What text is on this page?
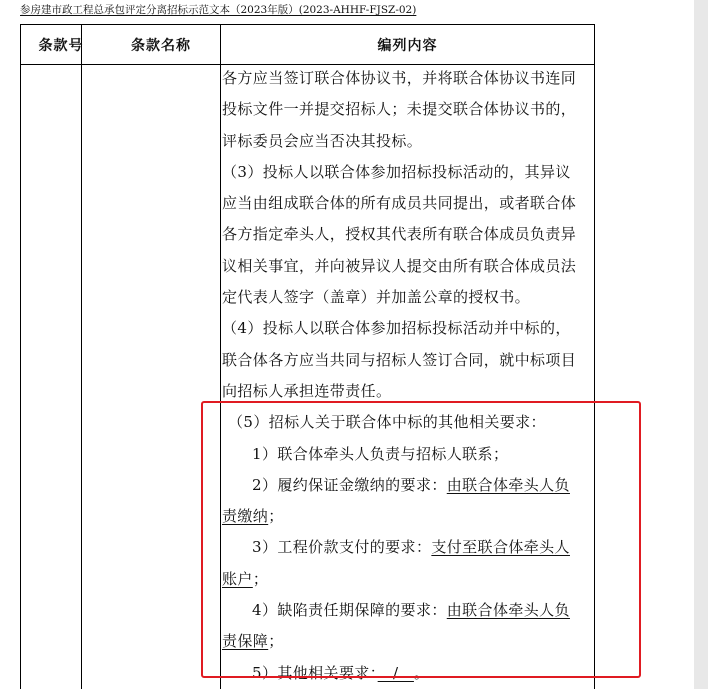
参房建市政工程总承包评定分离招标示范文本（2023年版）(2023-AHHF-FJSZ-02)
条款号	条款名称	编列内容

各方应当签订联合体协议书，并将联合体协议书连同

投标文件一并提交招标人；未提交联合体协议书的，

评标委员会应当否决其投标。

（3）投标人以联合体参加招标投标活动的，其异议

应当由组成联合体的所有成员共同提出，或者联合体

各方指定牵头人，授权其代表所有联合体成员负责异

议相关事宜，并向被异议人提交由所有联合体成员法

定代表人签字（盖章）并加盖公章的授权书。

（4）投标人以联合体参加招标投标活动并中标的，

联合体各方应当共同与招标人签订合同，就中标项目

向招标人承担连带责任。

（5）招标人关于联合体中标的其他相关要求：

1）联合体牵头人负责与招标人联系；

2）履约保证金缴纳的要求：由联合体牵头人负

责缴纳；

3）工程价款支付的要求：支付至联合体牵头人

账户；

4）缺陷责任期保障的要求：由联合体牵头人负

责保障；

5）其他相关要求：　/　。
